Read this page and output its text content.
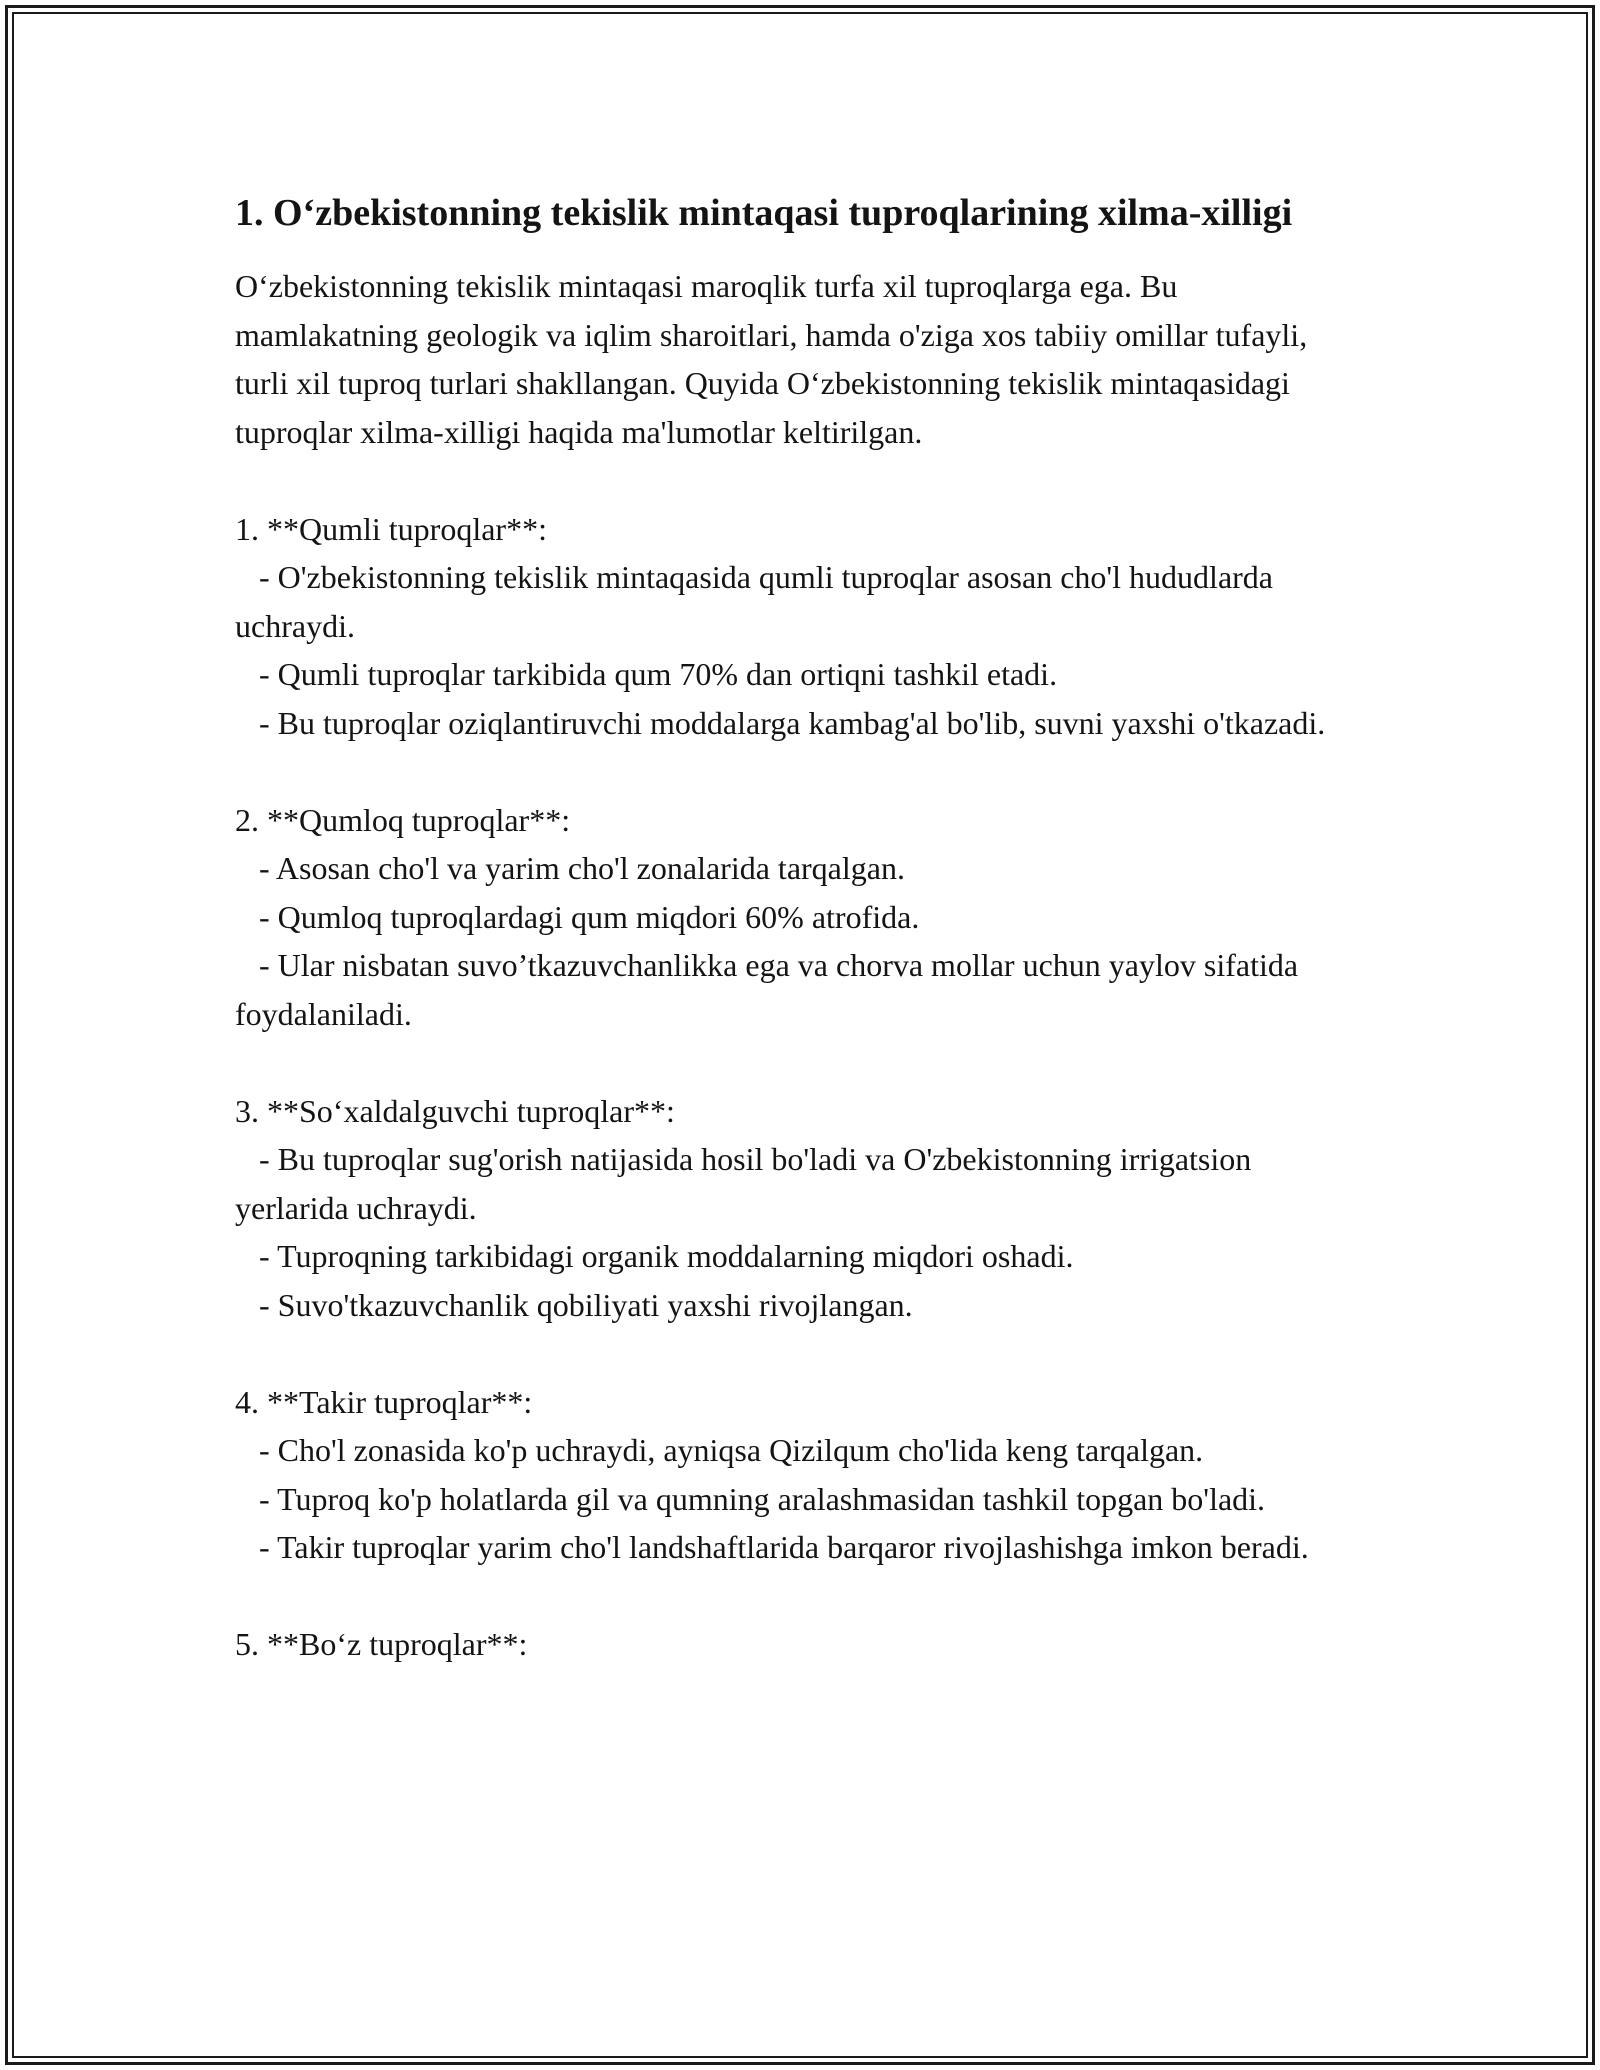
1. O‘zbekistonning tekislik mintaqasi tuproqlarining xilma-xilligi

O‘zbekistonning tekislik mintaqasi maroqlik turfa xil tuproqlarga ega. Bu mamlakatning geologik va iqlim sharoitlari, hamda o'ziga xos tabiiy omillar tufayli, turli xil tuproq turlari shakllangan. Quyida O‘zbekistonning tekislik mintaqasidagi tuproqlar xilma-xilligi haqida ma'lumotlar keltirilgan.

1. **Qumli tuproqlar**:

- O'zbekistonning tekislik mintaqasida qumli tuproqlar asosan cho'l hududlarda uchraydi.

- Qumli tuproqlar tarkibida qum 70% dan ortiqni tashkil etadi.

- Bu tuproqlar oziqlantiruvchi moddalarga kambag'al bo'lib, suvni yaxshi o'tkazadi.

2. **Qumloq tuproqlar**:

- Asosan cho'l va yarim cho'l zonalarida tarqalgan.

- Qumloq tuproqlardagi qum miqdori 60% atrofida.

- Ular nisbatan suvo’tkazuvchanlikka ega va chorva mollar uchun yaylov sifatida foydalaniladi.

3. **So‘xaldalguvchi tuproqlar**:

- Bu tuproqlar sug'orish natijasida hosil bo'ladi va O'zbekistonning irrigatsion yerlarida uchraydi.

- Tuproqning tarkibidagi organik moddalarning miqdori oshadi.

- Suvo'tkazuvchanlik qobiliyati yaxshi rivojlangan.

4. **Takir tuproqlar**:

- Cho'l zonasida ko'p uchraydi, ayniqsa Qizilqum cho'lida keng tarqalgan.

- Tuproq ko'p holatlarda gil va qumning aralashmasidan tashkil topgan bo'ladi.

- Takir tuproqlar yarim cho'l landshaftlarida barqaror rivojlashishga imkon beradi.

5. **Bo‘z tuproqlar**:
